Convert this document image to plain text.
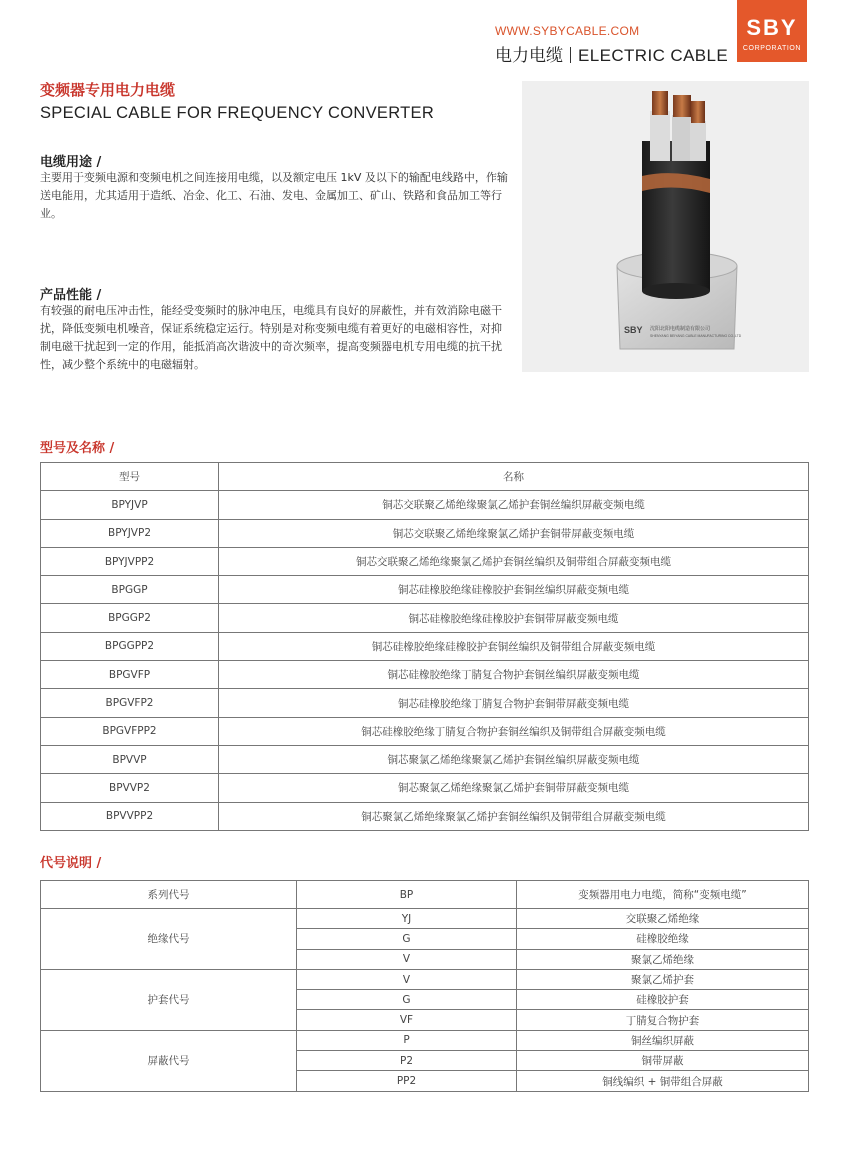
WWW.SYBYCABLE.COM
电力电缆 ELECTRIC CABLE
SBY
CORPORATION
变频器专用电力电缆
SPECIAL CABLE FOR FREQUENCY CONVERTER
电缆用途 /
主要用于变频电源和变频电机之间连接用电缆，以及额定电压 1kV 及以下的输配电线路中，作输送电能用，尤其适用于造纸、冶金、化工、石油、发电、金属加工、矿山、铁路和食品加工等行业。
产品性能 /
有较强的耐电压冲击性，能经受变频时的脉冲电压，电缆具有良好的屏蔽性，并有效消除电磁干扰，降低变频电机噪音，保证系统稳定运行。特别是对称变频电缆有着更好的电磁相容性，对抑制电磁干扰起到一定的作用，能抵消高次谐波中的奇次频率，提高变频器电机专用电缆的抗干扰性，减少整个系统中的电磁辐射。
SBY 沈阳北阳电缆制造有限公司
SHENYANG BEIYANG CABLE MANUFACTURING CO.,LTD
型号及名称 /
型号	名称
BPYJVP	铜芯交联聚乙烯绝缘聚氯乙烯护套铜丝编织屏蔽变频电缆
BPYJVP2	铜芯交联聚乙烯绝缘聚氯乙烯护套铜带屏蔽变频电缆
BPYJVPP2	铜芯交联聚乙烯绝缘聚氯乙烯护套铜丝编织及铜带组合屏蔽变频电缆
BPGGP	铜芯硅橡胶绝缘硅橡胶护套铜丝编织屏蔽变频电缆
BPGGP2	铜芯硅橡胶绝缘硅橡胶护套铜带屏蔽变频电缆
BPGGPP2	铜芯硅橡胶绝缘硅橡胶护套铜丝编织及铜带组合屏蔽变频电缆
BPGVFP	铜芯硅橡胶绝缘丁腈复合物护套铜丝编织屏蔽变频电缆
BPGVFP2	铜芯硅橡胶绝缘丁腈复合物护套铜带屏蔽变频电缆
BPGVFPP2	铜芯硅橡胶绝缘丁腈复合物护套铜丝编织及铜带组合屏蔽变频电缆
BPVVP	铜芯聚氯乙烯绝缘聚氯乙烯护套铜丝编织屏蔽变频电缆
BPVVP2	铜芯聚氯乙烯绝缘聚氯乙烯护套铜带屏蔽变频电缆
BPVVPP2	铜芯聚氯乙烯绝缘聚氯乙烯护套铜丝编织及铜带组合屏蔽变频电缆
代号说明 /
系列代号	BP	变频器用电力电缆，简称“变频电缆”
绝缘代号	YJ	交联聚乙烯绝缘
	G	硅橡胶绝缘
	V	聚氯乙烯绝缘
护套代号	V	聚氯乙烯护套
	G	硅橡胶护套
	VF	丁腈复合物护套
屏蔽代号	P	铜丝编织屏蔽
	P2	铜带屏蔽
	PP2	铜线编织 + 铜带组合屏蔽
